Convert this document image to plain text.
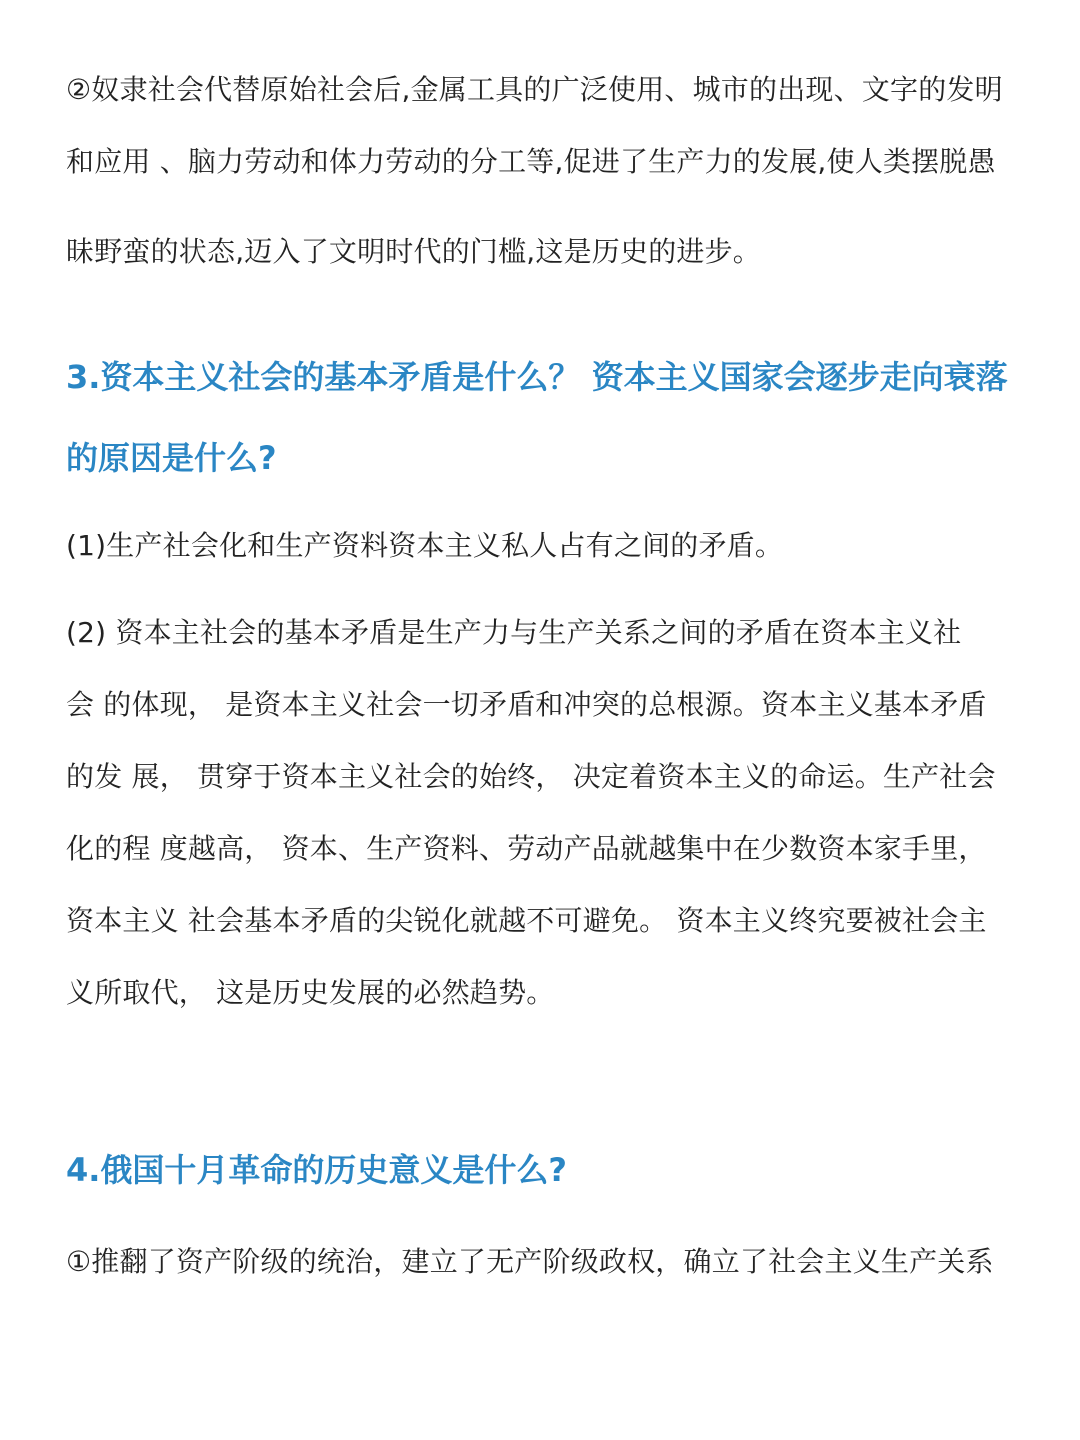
②奴隶社会代替原始社会后,金属工具的广泛使用、城市的出现、文字的发明
和应用 、脑力劳动和体力劳动的分工等,促进了生产力的发展,使人类摆脱愚
昧野蛮的状态,迈入了文明时代的门槛,这是历史的进步。
3.资本主义社会的基本矛盾是什么？ 资本主义国家会逐步走向衰落
的原因是什么?
(1)生产社会化和生产资料资本主义私人占有之间的矛盾。
(2) 资本主社会的基本矛盾是生产力与生产关系之间的矛盾在资本主义社
会 的体现， 是资本主义社会一切矛盾和冲突的总根源。资本主义基本矛盾
的发 展， 贯穿于资本主义社会的始终， 决定着资本主义的命运。生产社会
化的程 度越高， 资本、生产资料、劳动产品就越集中在少数资本家手里，
资本主义 社会基本矛盾的尖锐化就越不可避免。 资本主义终究要被社会主
义所取代， 这是历史发展的必然趋势。
4.俄国十月革命的历史意义是什么?
①推翻了资产阶级的统治，建立了无产阶级政权，确立了社会主义生产关系
